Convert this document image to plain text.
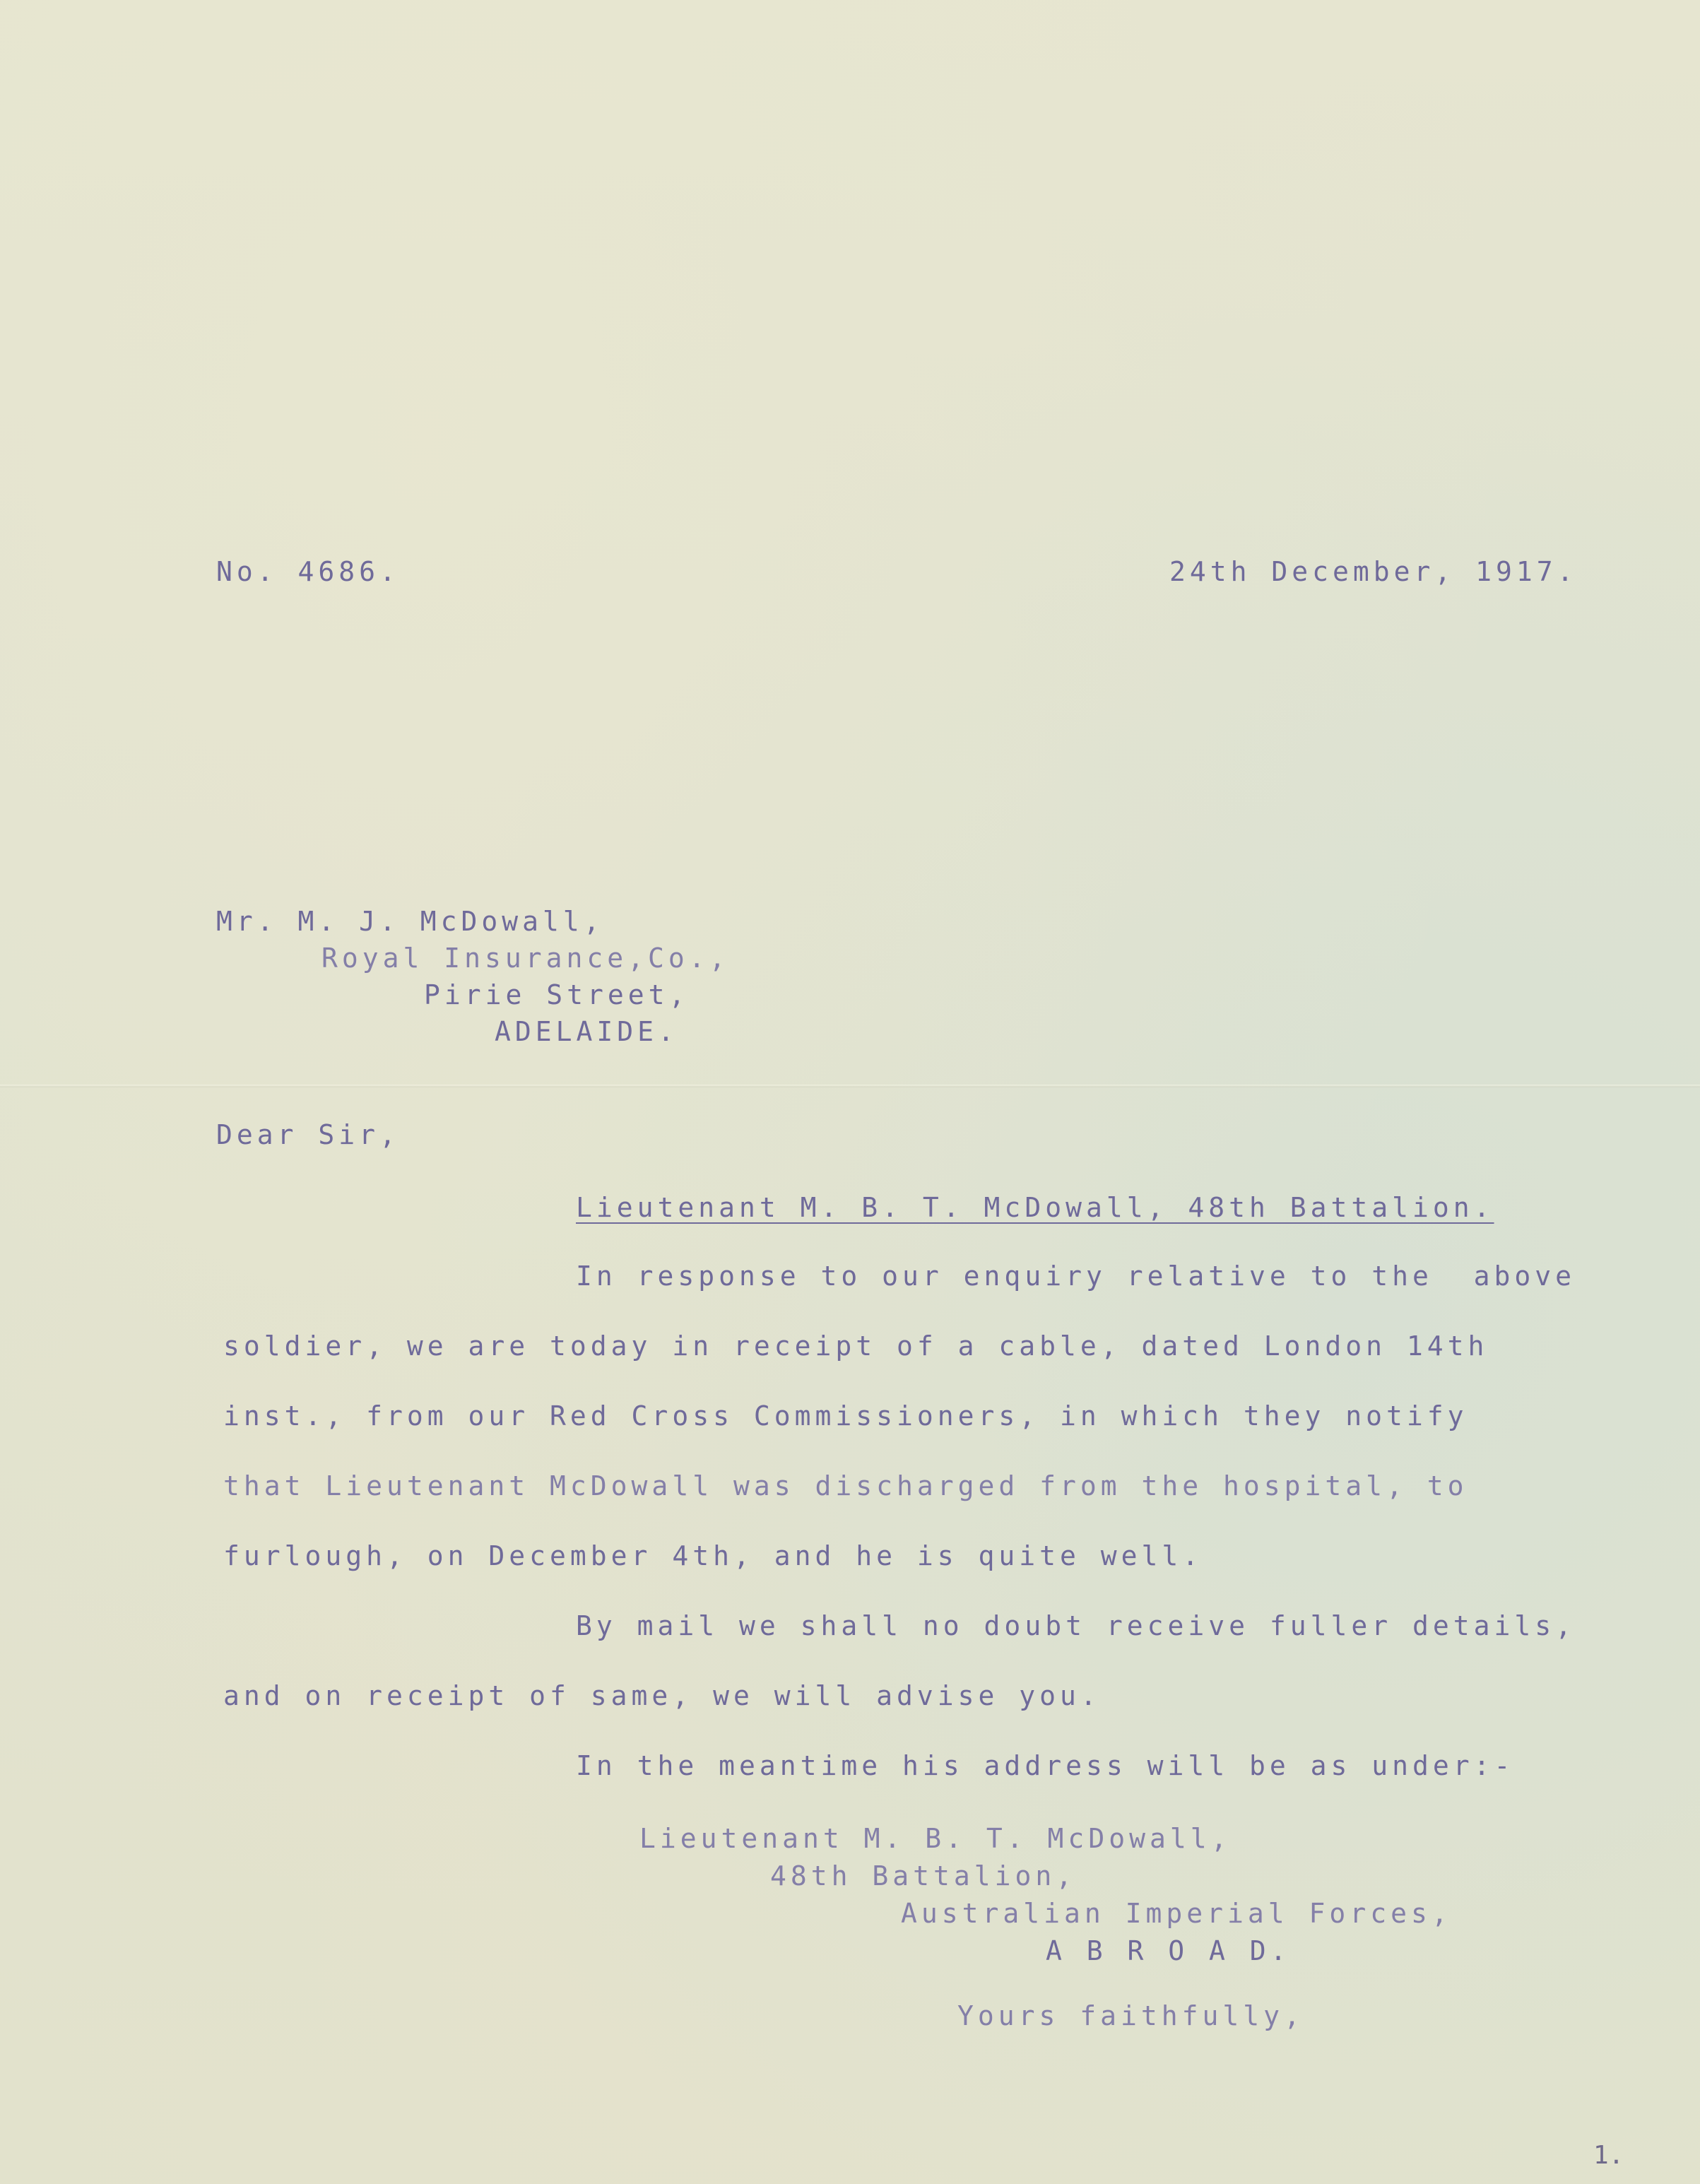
No. 4686.	24th December, 1917.
Mr. M. J. McDowall,
Royal Insurance,Co.,
Pirie Street,
ADELAIDE.
Dear Sir,
Lieutenant M. B. T. McDowall, 48th Battalion.
In response to our enquiry relative to the  above
soldier, we are today in receipt of a cable, dated London 14th
inst., from our Red Cross Commissioners, in which they notify
that Lieutenant McDowall was discharged from the hospital, to
furlough, on December 4th, and he is quite well.
By mail we shall no doubt receive fuller details,
and on receipt of same, we will advise you.
In the meantime his address will be as under:-
Lieutenant M. B. T. McDowall,
48th Battalion,
Australian Imperial Forces,
A B R O A D.
Yours faithfully,
1.
